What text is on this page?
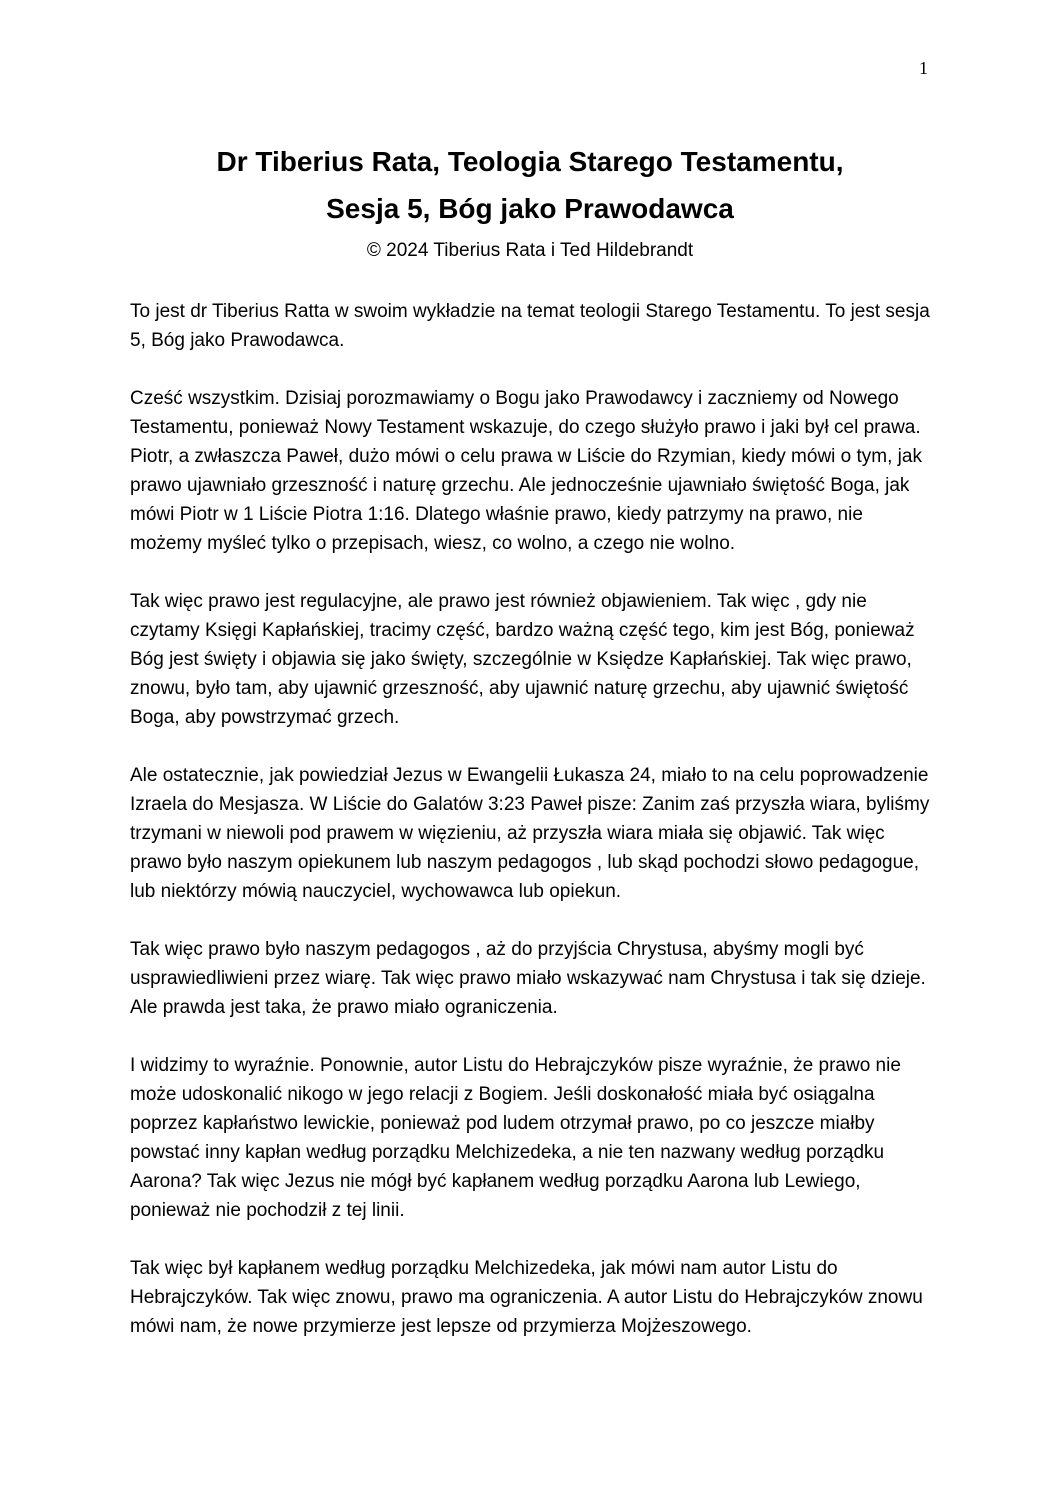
1
Dr Tiberius Rata, Teologia Starego Testamentu,
Sesja 5, Bóg jako Prawodawca
© 2024 Tiberius Rata i Ted Hildebrandt

To jest dr Tiberius Ratta w swoim wykładzie na temat teologii Starego Testamentu. To jest sesja 5, Bóg jako Prawodawca.

Cześć wszystkim. Dzisiaj porozmawiamy o Bogu jako Prawodawcy i zaczniemy od Nowego Testamentu, ponieważ Nowy Testament wskazuje, do czego służyło prawo i jaki był cel prawa. Piotr, a zwłaszcza Paweł, dużo mówi o celu prawa w Liście do Rzymian, kiedy mówi o tym, jak prawo ujawniało grzeszność i naturę grzechu. Ale jednocześnie ujawniało świętość Boga, jak mówi Piotr w 1 Liście Piotra 1:16. Dlatego właśnie prawo, kiedy patrzymy na prawo, nie możemy myśleć tylko o przepisach, wiesz, co wolno, a czego nie wolno.

Tak więc prawo jest regulacyjne, ale prawo jest również objawieniem. Tak więc , gdy nie czytamy Księgi Kapłańskiej, tracimy część, bardzo ważną część tego, kim jest Bóg, ponieważ Bóg jest święty i objawia się jako święty, szczególnie w Księdze Kapłańskiej. Tak więc prawo, znowu, było tam, aby ujawnić grzeszność, aby ujawnić naturę grzechu, aby ujawnić świętość Boga, aby powstrzymać grzech.

Ale ostatecznie, jak powiedział Jezus w Ewangelii Łukasza 24, miało to na celu poprowadzenie Izraela do Mesjasza. W Liście do Galatów 3:23 Paweł pisze: Zanim zaś przyszła wiara, byliśmy trzymani w niewoli pod prawem w więzieniu, aż przyszła wiara miała się objawić. Tak więc prawo było naszym opiekunem lub naszym pedagogos , lub skąd pochodzi słowo pedagogue, lub niektórzy mówią nauczyciel, wychowawca lub opiekun.

Tak więc prawo było naszym pedagogos , aż do przyjścia Chrystusa, abyśmy mogli być usprawiedliwieni przez wiarę. Tak więc prawo miało wskazywać nam Chrystusa i tak się dzieje. Ale prawda jest taka, że prawo miało ograniczenia.

I widzimy to wyraźnie. Ponownie, autor Listu do Hebrajczyków pisze wyraźnie, że prawo nie może udoskonalić nikogo w jego relacji z Bogiem. Jeśli doskonałość miała być osiągalna poprzez kapłaństwo lewickie, ponieważ pod ludem otrzymał prawo, po co jeszcze miałby powstać inny kapłan według porządku Melchizedeka, a nie ten nazwany według porządku Aarona? Tak więc Jezus nie mógł być kapłanem według porządku Aarona lub Lewiego, ponieważ nie pochodził z tej linii.

Tak więc był kapłanem według porządku Melchizedeka, jak mówi nam autor Listu do Hebrajczyków. Tak więc znowu, prawo ma ograniczenia. A autor Listu do Hebrajczyków znowu mówi nam, że nowe przymierze jest lepsze od przymierza Mojżeszowego.
